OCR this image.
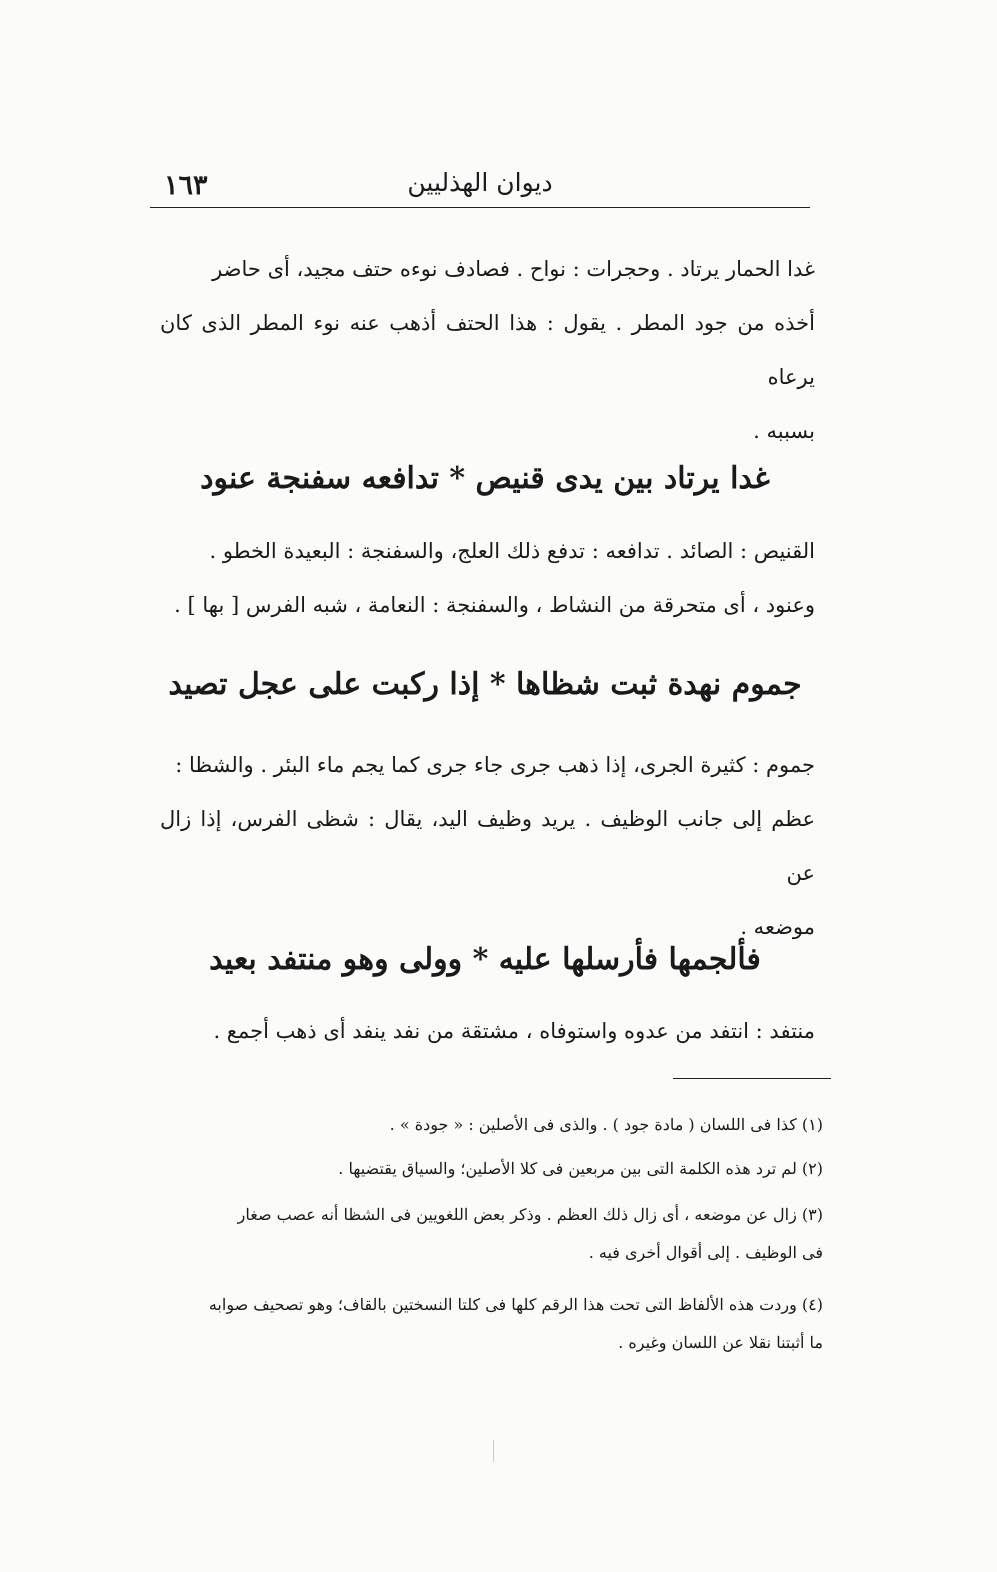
١٦٣	ديوان الهذليين
غدا الحمار يرتاد . وحجرات : نواح . فصادف نوءه حتف مجيد، أى حاضر
أخذه من جود المطر . يقول : هذا الحتف أذهب عنه نوء المطر الذى كان يرعاه
بسببه .
غدا يرتاد بين يدى قنيص * تدافعه سفنجة عنود
القنيص : الصائد . تدافعه : تدفع ذلك العلج، والسفنجة : البعيدة الخطو .
وعنود ، أى متحرقة من النشاط ، والسفنجة : النعامة ، شبه الفرس [ بها ] .
جموم نهدة ثبت شظاها * إذا ركبت على عجل تصيد
جموم : كثيرة الجرى، إذا ذهب جرى جاء جرى كما يجم ماء البئر . والشظا :
عظم إلى جانب الوظيف . يريد وظيف اليد، يقال : شظى الفرس، إذا زال عن
موضعه .
فألجمها فأرسلها عليه * وولى وهو منتفد بعيد
منتفد : انتفد من عدوه واستوفاه ، مشتقة من نفد ينفد أى ذهب أجمع .
(١) كذا فى اللسان ( مادة جود ) . والذى فى الأصلين : « جودة » .
(٢) لم ترد هذه الكلمة التى بين مربعين فى كلا الأصلين؛ والسياق يقتضيها .
(٣) زال عن موضعه ، أى زال ذلك العظم . وذكر بعض اللغويين فى الشظا أنه عصب صغار
فى الوظيف . إلى أقوال أخرى فيه .
(٤) وردت هذه الألفاظ التى تحت هذا الرقم كلها فى كلتا النسختين بالقاف؛ وهو تصحيف صوابه
ما أثبتنا نقلا عن اللسان وغيره .
